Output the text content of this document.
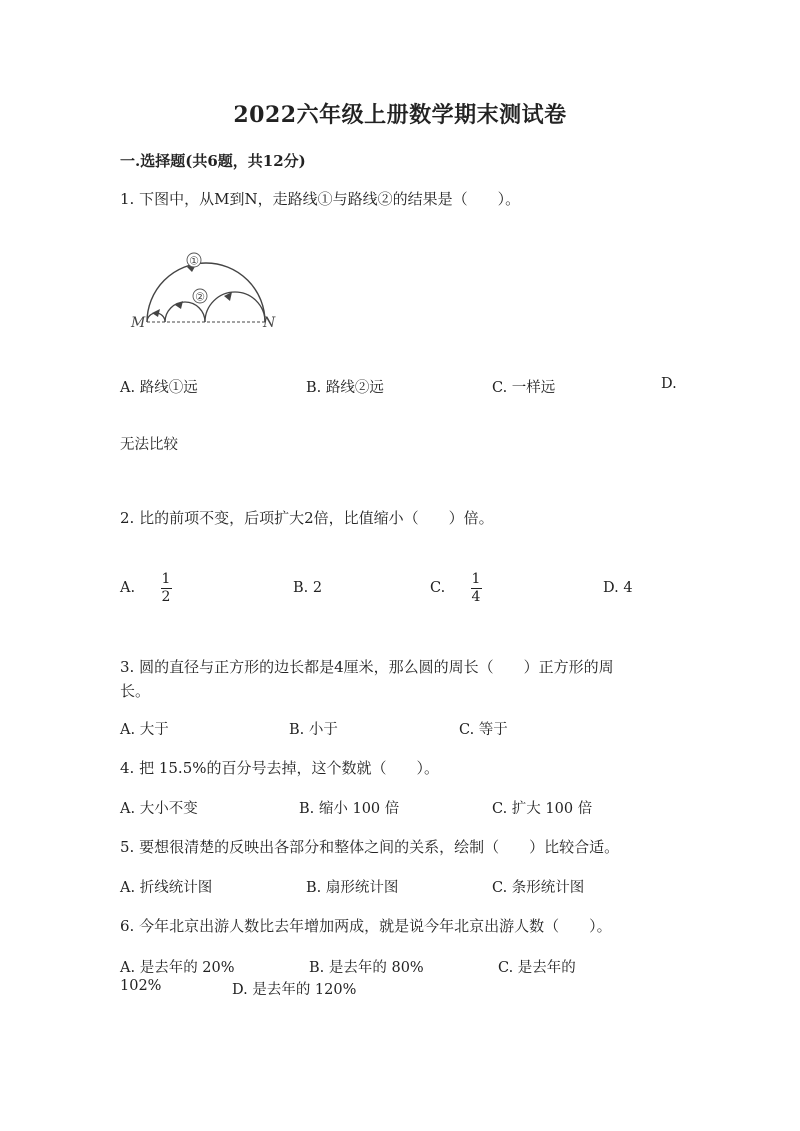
2022六年级上册数学期末测试卷
一.选择题(共6题，共12分)
1. 下图中，从M到N，走路线①与路线②的结果是（　　）。
①
②
M	N
A. 路线①远	B. 路线②远	C. 一样远	D.
无法比较
2. 比的前项不变，后项扩大2倍，比值缩小（　　）倍。
A.
1
2
B. 2	C.
1
4
D. 4
3. 圆的直径与正方形的边长都是4厘米，那么圆的周长（　　）正方形的周
长。
A. 大于	B. 小于	C. 等于
4. 把 15.5%的百分号去掉，这个数就（　　）。
A. 大小不变	B. 缩小 100 倍	C. 扩大 100 倍
5. 要想很清楚的反映出各部分和整体之间的关系，绘制（　　）比较合适。
A. 折线统计图	B. 扇形统计图	C. 条形统计图
6. 今年北京出游人数比去年增加两成，就是说今年北京出游人数（　　）。
A. 是去年的 20%	B. 是去年的 80%	C. 是去年的
102%	D. 是去年的 120%
